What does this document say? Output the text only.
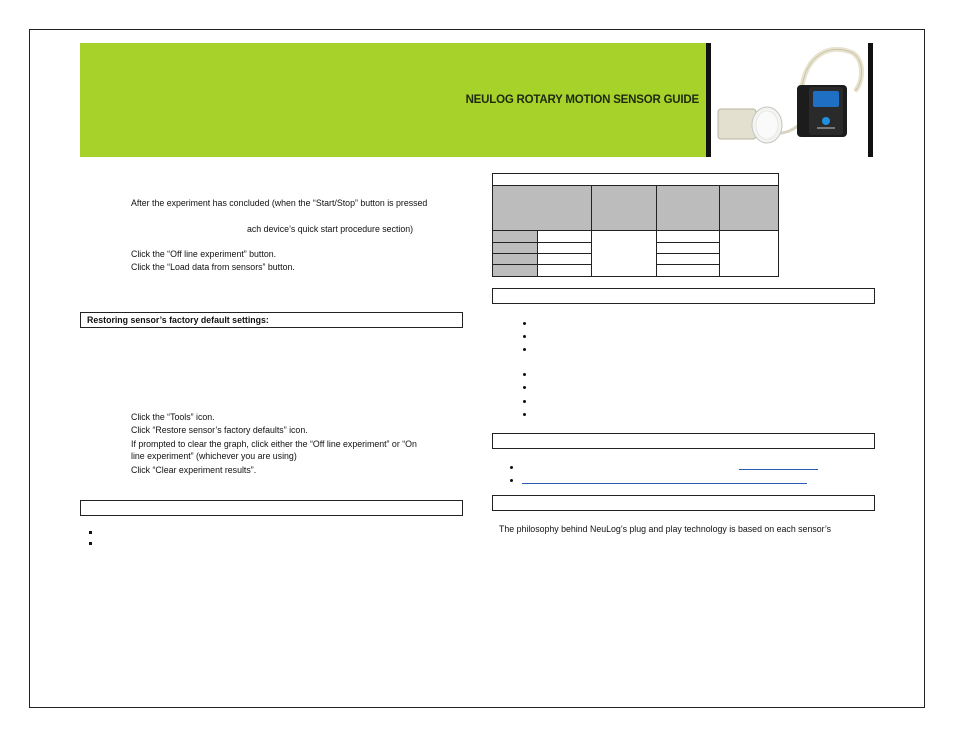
NEULOG ROTARY MOTION SENSOR GUIDE
After the experiment has concluded (when the “Start/Stop” button is pressed
ach device’s quick start procedure section)
Click the “Off line experiment” button.
Click the “Load data from sensors” button.
Restoring sensor’s factory default settings:
Click the “Tools” icon.
Click “Restore sensor’s factory defaults” icon.
If prompted to clear the graph, click either the “Off line experiment” or “On
line experiment” (whichever you are using)
Click “Clear experiment results”.
The philosophy behind NeuLog’s plug and play technology is based on each sensor’s
